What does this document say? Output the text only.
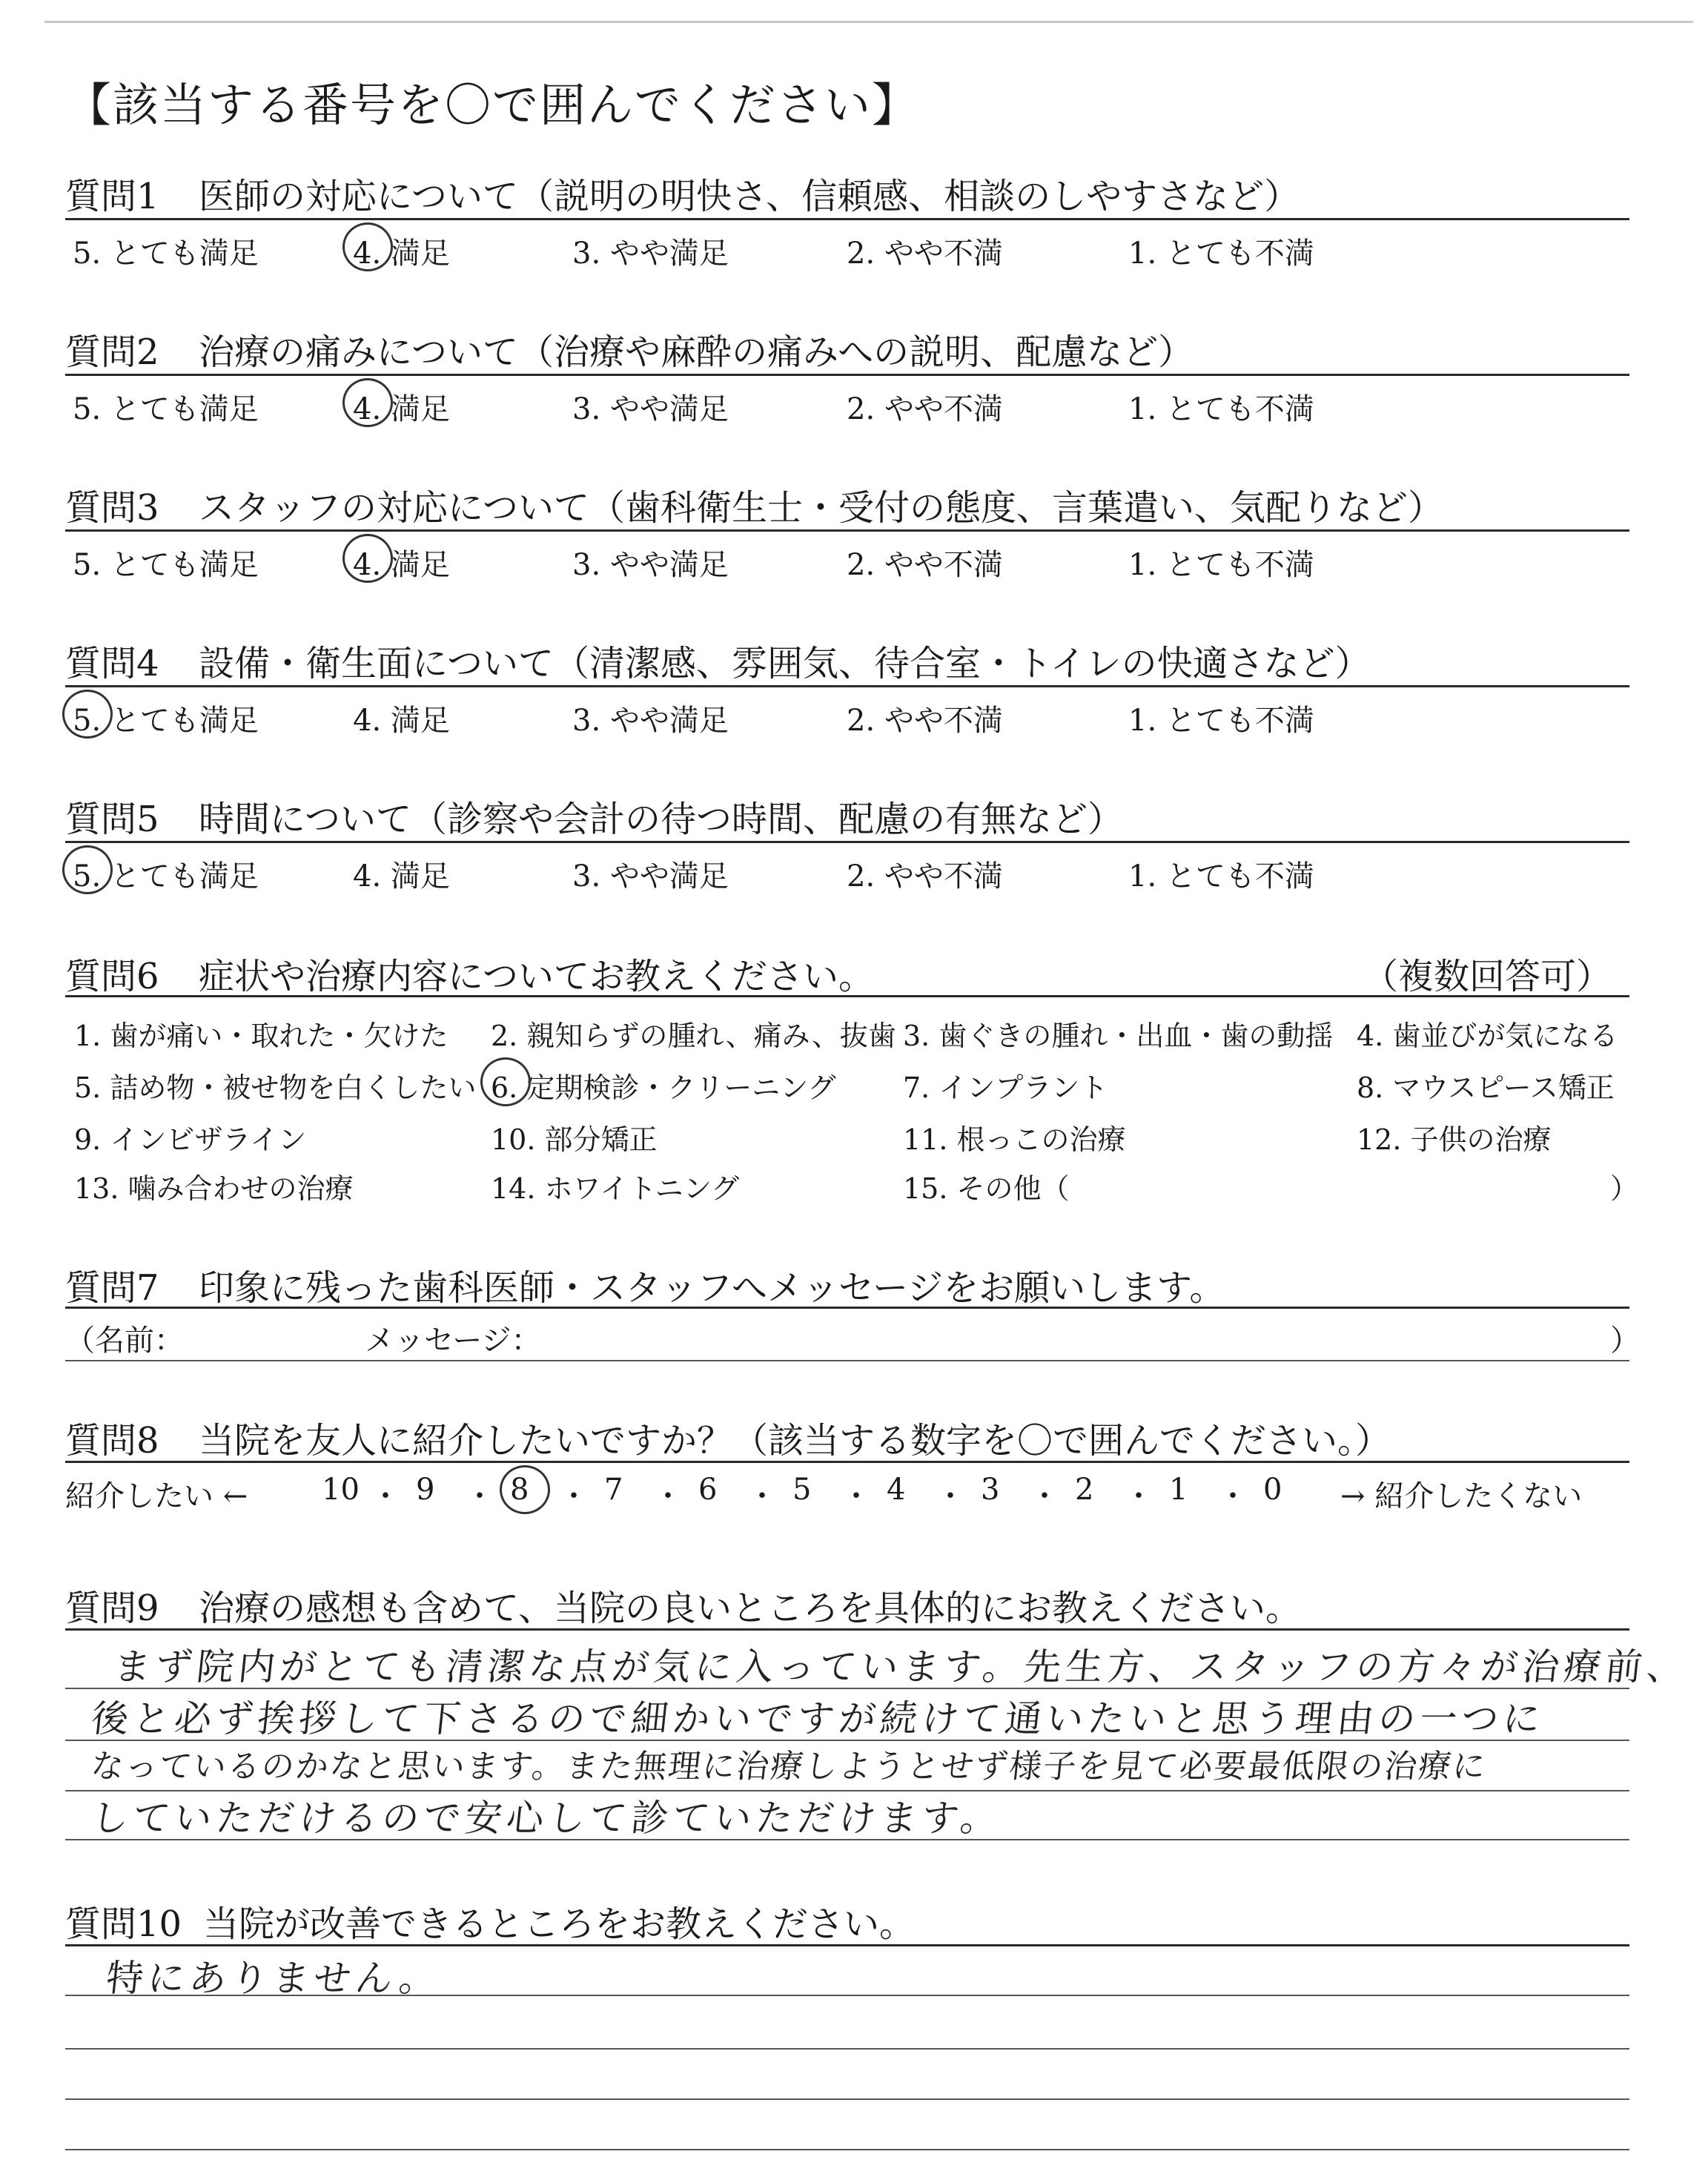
【該当する番号を〇で囲んでください】
質問1 医師の対応について（説明の明快さ、信頼感、相談のしやすさなど）
5. とても満足	4. 満足	3. やや満足	2. やや不満	1. とても不満
質問2 治療の痛みについて（治療や麻酔の痛みへの説明、配慮など）
5. とても満足	4. 満足	3. やや満足	2. やや不満	1. とても不満
質問3 スタッフの対応について（歯科衛生士・受付の態度、言葉遣い、気配りなど）
5. とても満足	4. 満足	3. やや満足	2. やや不満	1. とても不満
質問4 設備・衛生面について（清潔感、雰囲気、待合室・トイレの快適さなど）
5. とても満足	4. 満足	3. やや満足	2. やや不満	1. とても不満
質問5 時間について（診察や会計の待つ時間、配慮の有無など）
5. とても満足	4. 満足	3. やや満足	2. やや不満	1. とても不満
質問6 症状や治療内容についてお教えください。	（複数回答可）
1. 歯が痛い・取れた・欠けた 2. 親知らずの腫れ、痛み、抜歯 3. 歯ぐきの腫れ・出血・歯の動揺 4. 歯並びが気になる
5. 詰め物・被せ物を白くしたい 6. 定期検診・クリーニング 7. インプラント	8. マウスピース矯正
9. インビザライン	10. 部分矯正	11. 根っこの治療	12. 子供の治療
13. 噛み合わせの治療	14. ホワイトニング	15. その他（	）
質問7 印象に残った歯科医師・スタッフへメッセージをお願いします。
（名前：	メッセージ：	）
質問8 当院を友人に紹介したいですか？（該当する数字を〇で囲んでください。）
紹介したい ←	→ 紹介したくない
10 ・ 9 ・ 8 ・ 7 ・ 6 ・ 5 ・ 4 ・ 3 ・ 2 ・ 1 ・ 0
質問9 治療の感想も含めて、当院の良いところを具体的にお教えください。
まず院内がとても清潔な点が気に入っています。先生方、スタッフの方々が治療前、
後と必ず挨拶して下さるので細かいですが続けて通いたいと思う理由の一つに
なっているのかなと思います。また無理に治療しようとせず様子を見て必要最低限の治療に
していただけるので安心して診ていただけます。
質問10 当院が改善できるところをお教えください。
特にありません。
